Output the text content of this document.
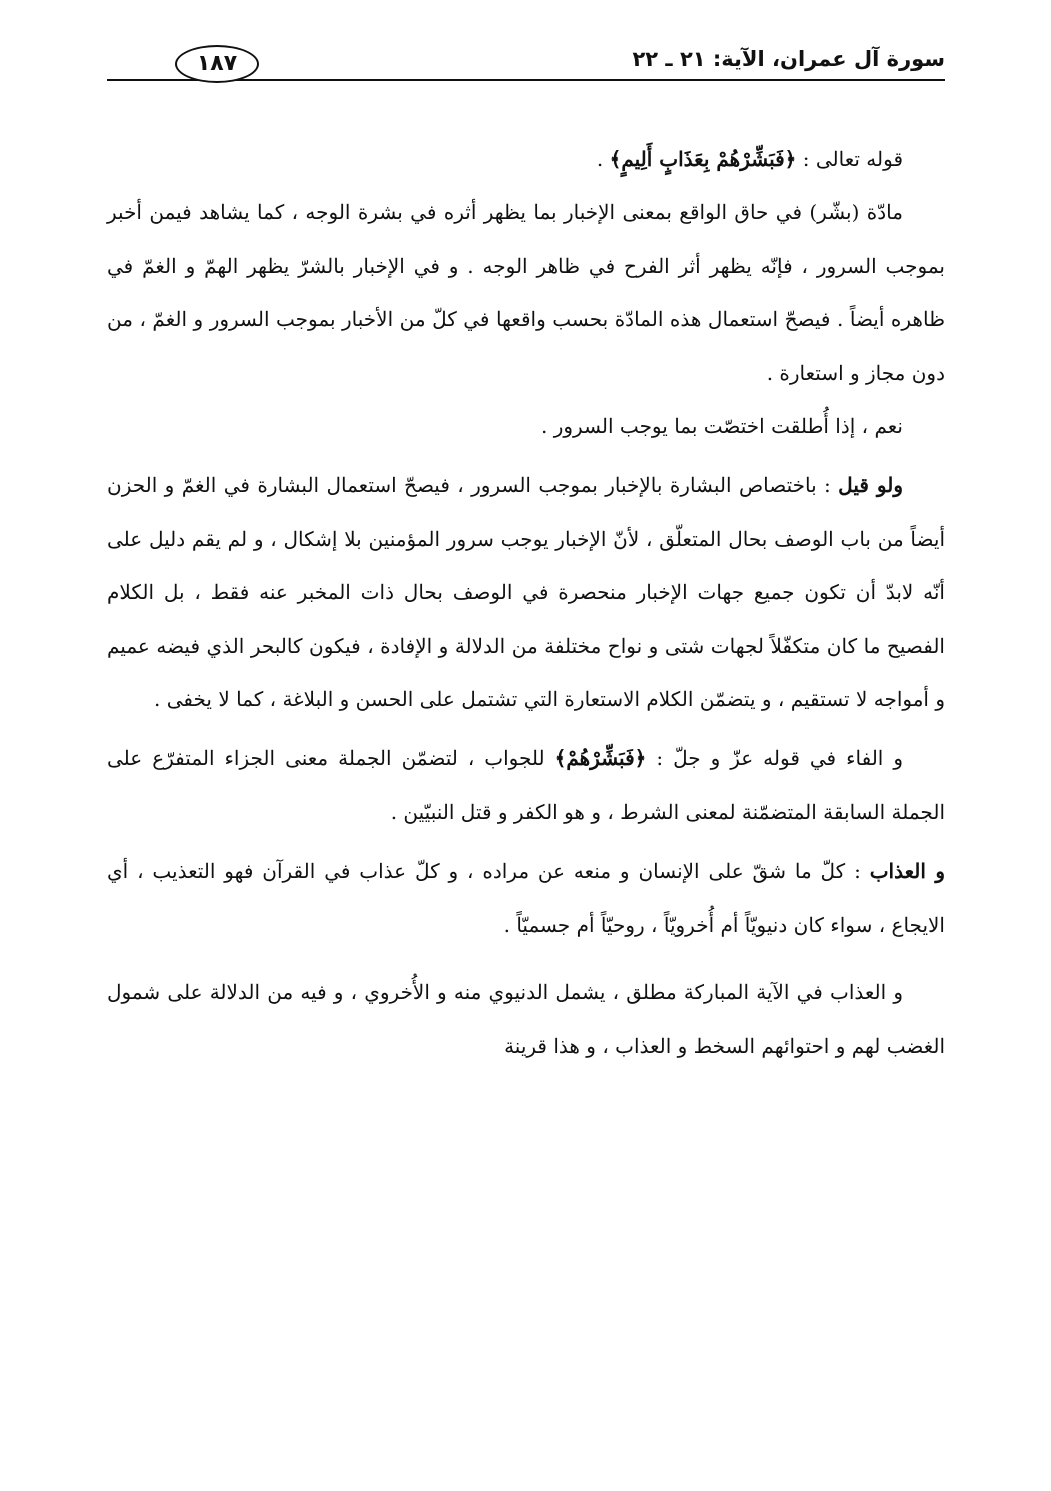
سورة آل عمران، الآية: ٢١ ـ ٢٢
١٨٧

قوله تعالى : ﴿فَبَشِّرْهُمْ بِعَذَابٍ أَلِيمٍ﴾ .

مادّة (بشّر) في حاق الواقع بمعنى الإخبار بما يظهر أثره في بشرة الوجه ، كما يشاهد فيمن أخبر بموجب السرور ، فإنّه يظهر أثر الفرح في ظاهر الوجه . و في الإخبار بالشرّ يظهر الهمّ و الغمّ في ظاهره أيضاً . فيصحّ استعمال هذه المادّة بحسب واقعها في كلّ من الأخبار بموجب السرور و الغمّ ، من دون مجاز و استعارة .

نعم ، إذا أُطلقت اختصّت بما يوجب السرور .

ولو قيل : باختصاص البشارة بالإخبار بموجب السرور ، فيصحّ استعمال البشارة في الغمّ و الحزن أيضاً من باب الوصف بحال المتعلّق ، لأنّ الإخبار يوجب سرور المؤمنين بلا إشكال ، و لم يقم دليل على أنّه لابدّ أن تكون جميع جهات الإخبار منحصرة في الوصف بحال ذات المخبر عنه فقط ، بل الكلام الفصيح ما كان متكفّلاً لجهات شتى و نواح مختلفة من الدلالة و الإفادة ، فيكون كالبحر الذي فيضه عميم و أمواجه لا تستقيم ، و يتضمّن الكلام الاستعارة التي تشتمل على الحسن و البلاغة ، كما لا يخفى .

و الفاء في قوله عزّ و جلّ : ﴿فَبَشِّرْهُمْ﴾ للجواب ، لتضمّن الجملة معنى الجزاء المتفرّع على الجملة السابقة المتضمّنة لمعنى الشرط ، و هو الكفر و قتل النبيّين .

و العذاب : كلّ ما شقّ على الإنسان و منعه عن مراده ، و كلّ عذاب في القرآن فهو التعذيب ، أي الايجاع ، سواء كان دنيويّاً أم أُخرويّاً ، روحيّاً أم جسميّاً .

و العذاب في الآية المباركة مطلق ، يشمل الدنيوي منه و الأُخروي ، و فيه من الدلالة على شمول الغضب لهم و احتوائهم السخط و العذاب ، و هذا قرينة
